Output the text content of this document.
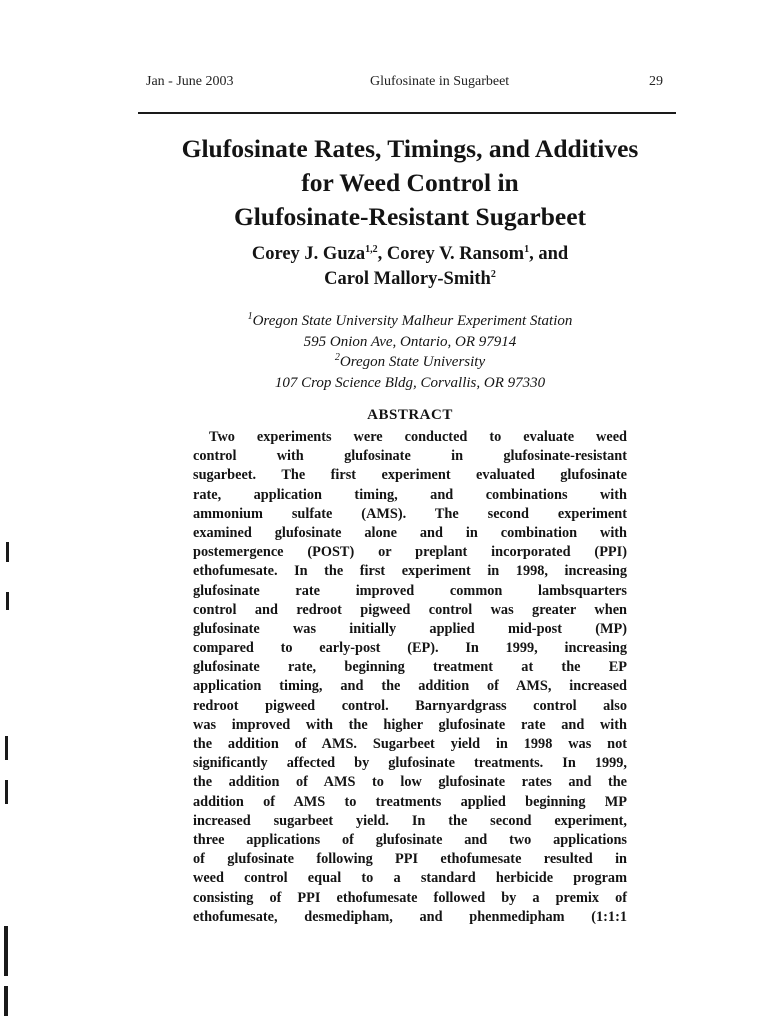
Jan - June 2003	Glufosinate in Sugarbeet	29
Glufosinate Rates, Timings, and Additives
for Weed Control in
Glufosinate-Resistant Sugarbeet
Corey J. Guza$^{1,2}$, Corey V. Ransom$^1$, and
Carol Mallory-Smith$^2$
$^1$Oregon State University Malheur Experiment Station
595 Onion Ave, Ontario, OR 97914
$^2$Oregon State University
107 Crop Science Bldg, Corvallis, OR 97330
ABSTRACT
Two experiments were conducted to evaluate weed
control with glufosinate in glufosinate-resistant
sugarbeet. The first experiment evaluated glufosinate
rate, application timing, and combinations with
ammonium sulfate (AMS). The second experiment
examined glufosinate alone and in combination with
postemergence (POST) or preplant incorporated (PPI)
ethofumesate. In the first experiment in 1998, increasing
glufosinate rate improved common lambsquarters
control and redroot pigweed control was greater when
glufosinate was initially applied mid-post (MP)
compared to early-post (EP). In 1999, increasing
glufosinate rate, beginning treatment at the EP
application timing, and the addition of AMS, increased
redroot pigweed control. Barnyardgrass control also
was improved with the higher glufosinate rate and with
the addition of AMS. Sugarbeet yield in 1998 was not
significantly affected by glufosinate treatments. In 1999,
the addition of AMS to low glufosinate rates and the
addition of AMS to treatments applied beginning MP
increased sugarbeet yield. In the second experiment,
three applications of glufosinate and two applications
of glufosinate following PPI ethofumesate resulted in
weed control equal to a standard herbicide program
consisting of PPI ethofumesate followed by a premix of
ethofumesate, desmedipham, and phenmedipham (1:1:1
